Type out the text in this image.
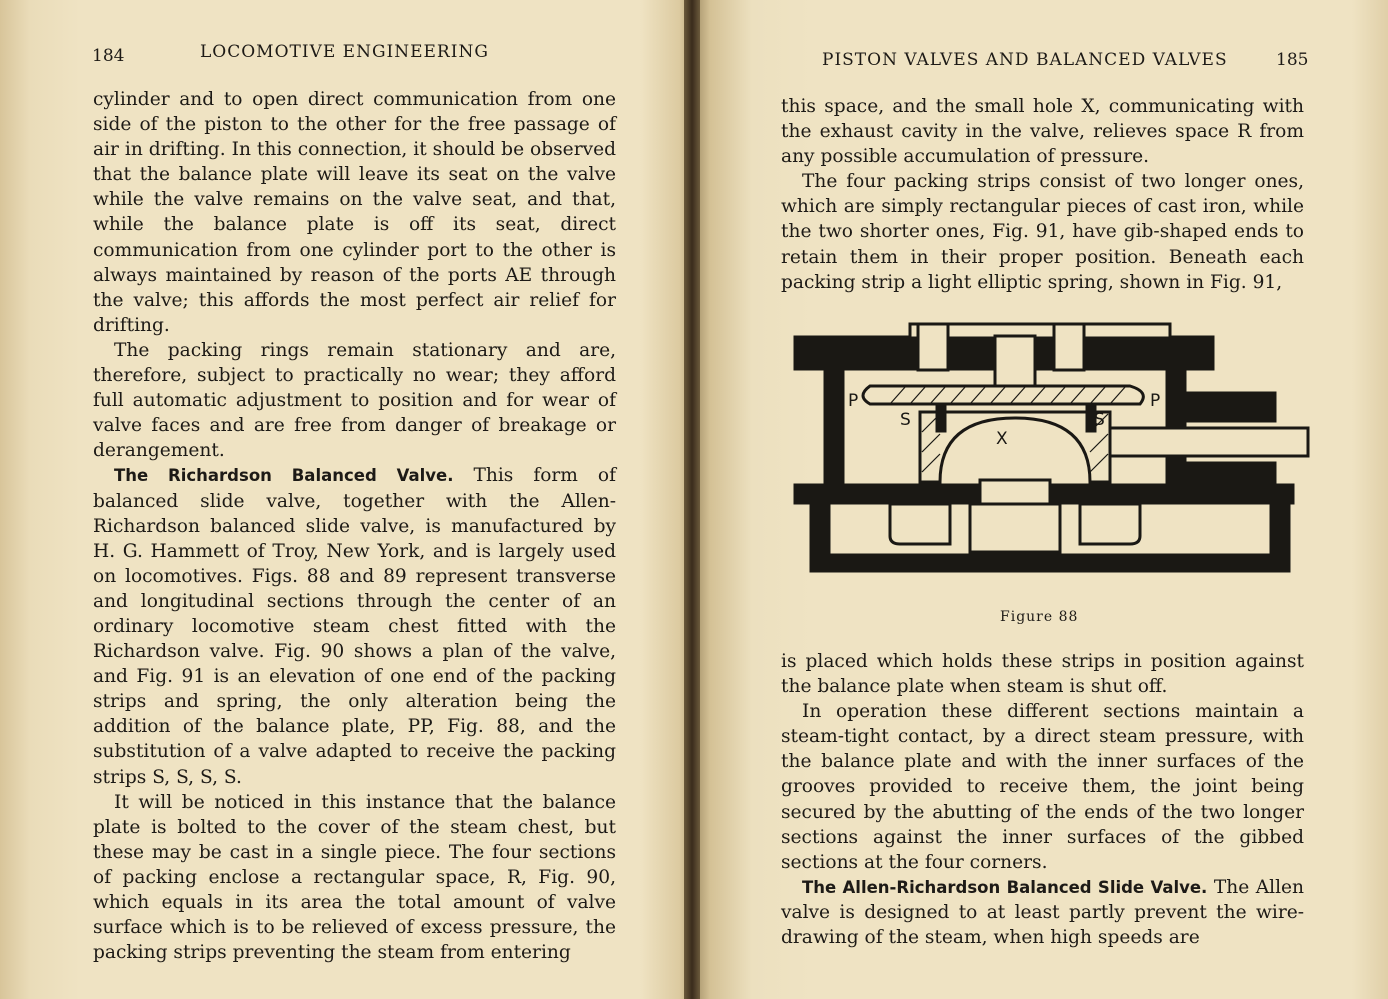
184	LOCOMOTIVE ENGINEERING

cylinder and to open direct communication from one side of the piston to the other for the free passage of air in drifting. In this connection, it should be observed that the balance plate will leave its seat on the valve while the valve remains on the valve seat, and that, while the balance plate is off its seat, direct communication from one cylinder port to the other is always maintained by reason of the ports AE through the valve; this affords the most perfect air relief for drifting.

The packing rings remain stationary and are, therefore, subject to practically no wear; they afford full automatic adjustment to position and for wear of valve faces and are free from danger of breakage or derangement.

The Richardson Balanced Valve. This form of balanced slide valve, together with the Allen-Richardson balanced slide valve, is manufactured by H. G. Hammett of Troy, New York, and is largely used on locomotives. Figs. 88 and 89 represent transverse and longitudinal sections through the center of an ordinary locomotive steam chest fitted with the Richardson valve. Fig. 90 shows a plan of the valve, and Fig. 91 is an elevation of one end of the packing strips and spring, the only alteration being the addition of the balance plate, PP, Fig. 88, and the substitution of a valve adapted to receive the packing strips S, S, S, S.

It will be noticed in this instance that the balance plate is bolted to the cover of the steam chest, but these may be cast in a single piece. The four sections of packing enclose a rectangular space, R, Fig. 90, which equals in its area the total amount of valve surface which is to be relieved of excess pressure, the packing strips preventing the steam from entering

PISTON VALVES AND BALANCED VALVES	185

this space, and the small hole X, communicating with the exhaust cavity in the valve, relieves space R from any possible accumulation of pressure.

The four packing strips consist of two longer ones, which are simply rectangular pieces of cast iron, while the two shorter ones, Fig. 91, have gib-shaped ends to retain them in their proper position. Beneath each packing strip a light elliptic spring, shown in Fig. 91,

P	P
S	S
X
Figure 88

is placed which holds these strips in position against the balance plate when steam is shut off.

In operation these different sections maintain a steam-tight contact, by a direct steam pressure, with the balance plate and with the inner surfaces of the grooves provided to receive them, the joint being secured by the abutting of the ends of the two longer sections against the inner surfaces of the gibbed sections at the four corners.

The Allen-Richardson Balanced Slide Valve. The Allen valve is designed to at least partly prevent the wire-drawing of the steam, when high speeds are
